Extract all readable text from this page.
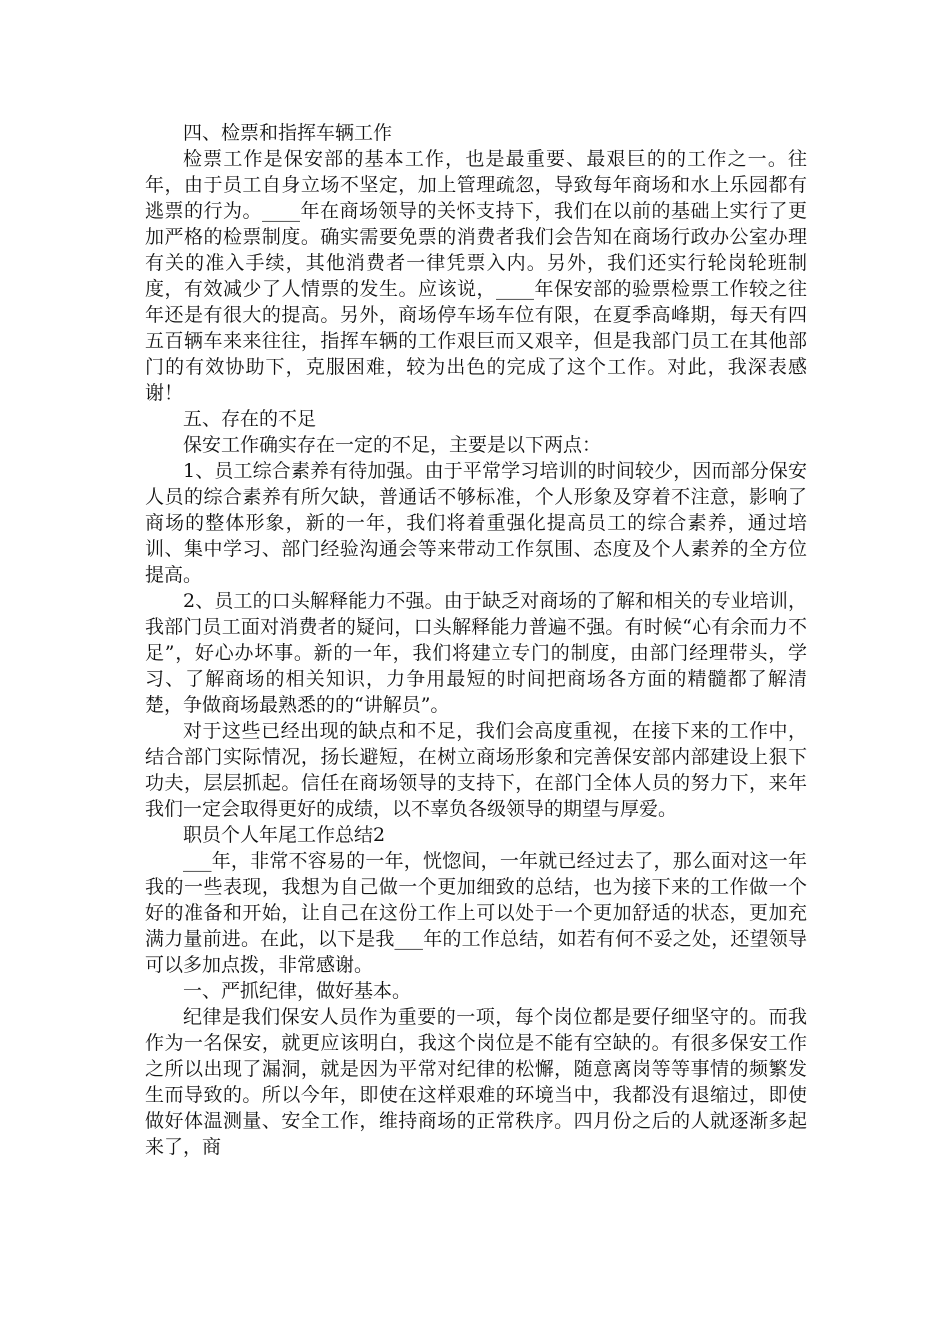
四、检票和指挥车辆工作

检票工作是保安部的基本工作，也是最重要、最艰巨的的工作之一。往年，由于员工自身立场不坚定，加上管理疏忽，导致每年商场和水上乐园都有逃票的行为。____年在商场领导的关怀支持下，我们在以前的基础上实行了更加严格的检票制度。确实需要免票的消费者我们会告知在商场行政办公室办理有关的准入手续，其他消费者一律凭票入内。另外，我们还实行轮岗轮班制度，有效减少了人情票的发生。应该说，____年保安部的验票检票工作较之往年还是有很大的提高。另外，商场停车场车位有限，在夏季高峰期，每天有四五百辆车来来往往，指挥车辆的工作艰巨而又艰辛，但是我部门员工在其他部门的有效协助下，克服困难，较为出色的完成了这个工作。对此，我深表感谢！

五、存在的不足

保安工作确实存在一定的不足，主要是以下两点：

1、员工综合素养有待加强。由于平常学习培训的时间较少，因而部分保安人员的综合素养有所欠缺，普通话不够标准，个人形象及穿着不注意，影响了商场的整体形象，新的一年，我们将着重强化提高员工的综合素养，通过培训、集中学习、部门经验沟通会等来带动工作氛围、态度及个人素养的全方位提高。

2、员工的口头解释能力不强。由于缺乏对商场的了解和相关的专业培训，我部门员工面对消费者的疑问，口头解释能力普遍不强。有时候“心有余而力不足”，好心办坏事。新的一年，我们将建立专门的制度，由部门经理带头，学习、了解商场的相关知识，力争用最短的时间把商场各方面的精髓都了解清楚，争做商场最熟悉的的“讲解员”。

对于这些已经出现的缺点和不足，我们会高度重视，在接下来的工作中，结合部门实际情况，扬长避短，在树立商场形象和完善保安部内部建设上狠下功夫，层层抓起。信任在商场领导的支持下，在部门全体人员的努力下，来年我们一定会取得更好的成绩，以不辜负各级领导的期望与厚爱。

职员个人年尾工作总结2

___年，非常不容易的一年，恍惚间，一年就已经过去了，那么面对这一年我的一些表现，我想为自己做一个更加细致的总结，也为接下来的工作做一个好的准备和开始，让自己在这份工作上可以处于一个更加舒适的状态，更加充满力量前进。在此，以下是我___年的工作总结，如若有何不妥之处，还望领导可以多加点拨，非常感谢。

一、严抓纪律，做好基本。

纪律是我们保安人员作为重要的一项，每个岗位都是要仔细坚守的。而我作为一名保安，就更应该明白，我这个岗位是不能有空缺的。有很多保安工作之所以出现了漏洞，就是因为平常对纪律的松懈，随意离岗等等事情的频繁发生而导致的。所以今年，即使在这样艰难的环境当中，我都没有退缩过，即使做好体温测量、安全工作，维持商场的正常秩序。四月份之后的人就逐渐多起来了，商
